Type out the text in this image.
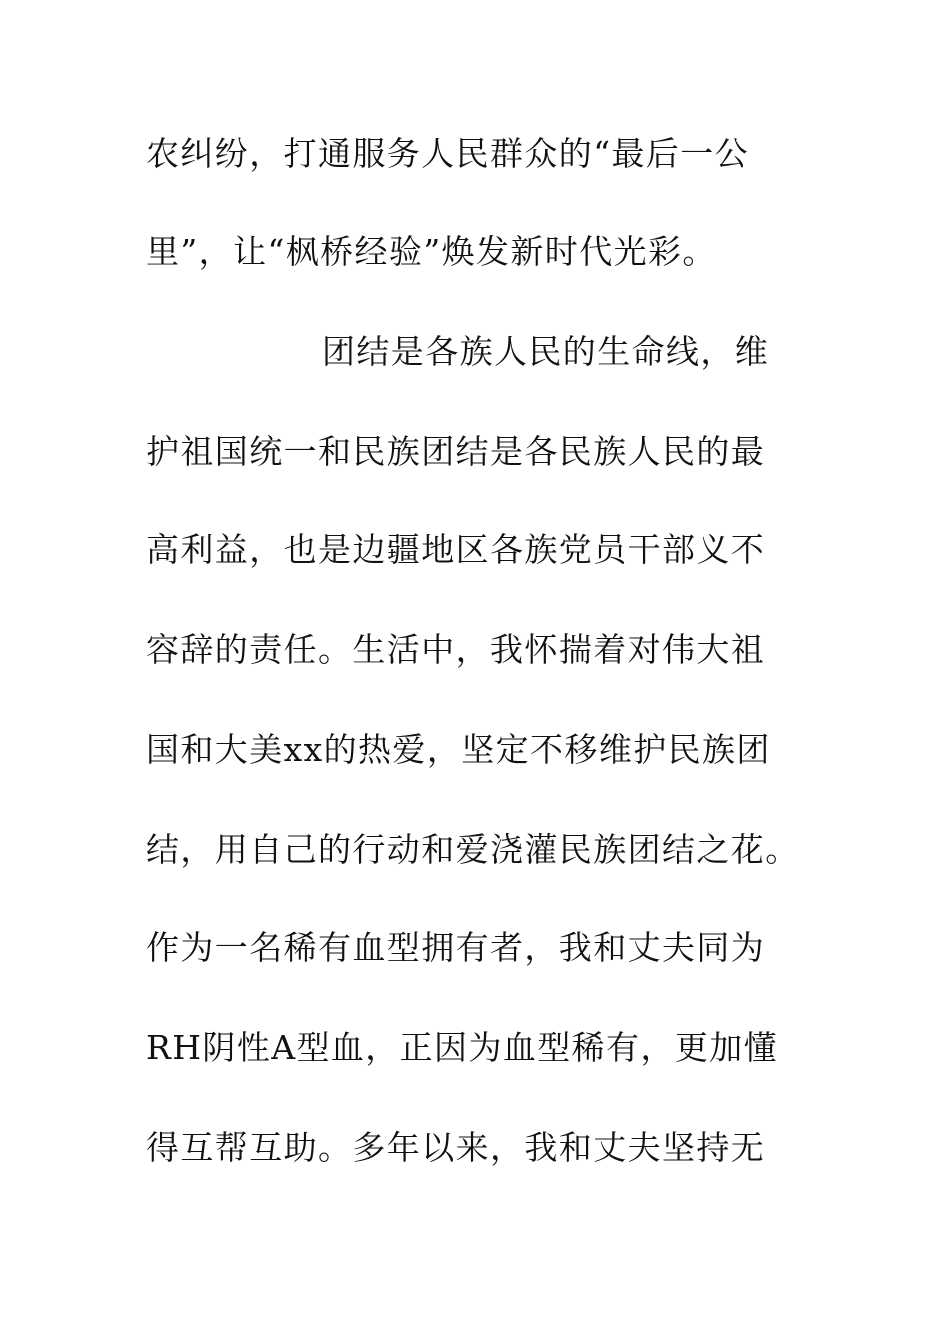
农纠纷，打通服务人民群众的“最后一公
里”，让“枫桥经验”焕发新时代光彩。
团结是各族人民的生命线，维
护祖国统一和民族团结是各民族人民的最
高利益，也是边疆地区各族党员干部义不
容辞的责任。生活中，我怀揣着对伟大祖
国和大美xx的热爱，坚定不移维护民族团
结，用自己的行动和爱浇灌民族团结之花。
作为一名稀有血型拥有者，我和丈夫同为
RH阴性A型血，正因为血型稀有，更加懂
得互帮互助。多年以来，我和丈夫坚持无
